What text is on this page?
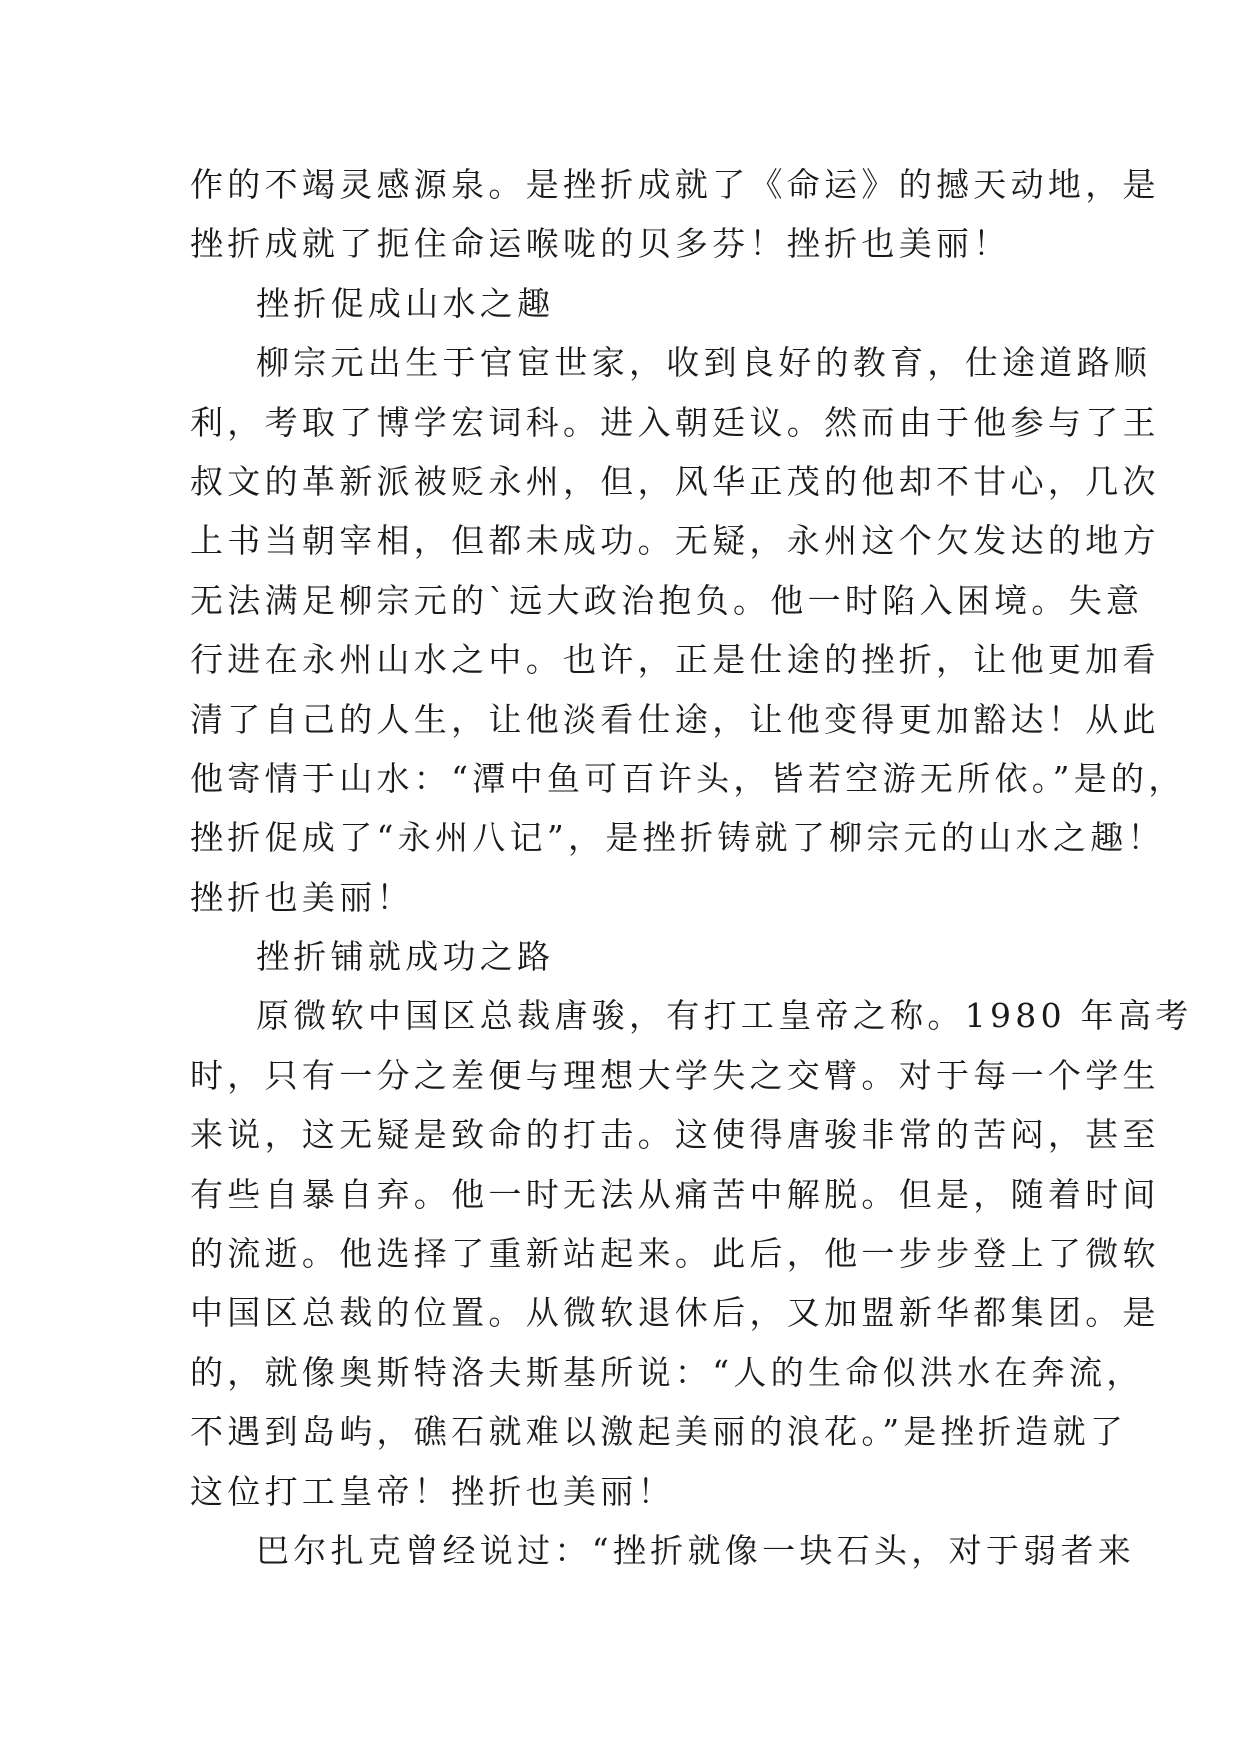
作的不竭灵感源泉。是挫折成就了《命运》的撼天动地，是
挫折成就了扼住命运喉咙的贝多芬！挫折也美丽！
挫折促成山水之趣
柳宗元出生于官宦世家，收到良好的教育，仕途道路顺
利，考取了博学宏词科。进入朝廷议。然而由于他参与了王
叔文的革新派被贬永州，但，风华正茂的他却不甘心，几次
上书当朝宰相，但都未成功。无疑，永州这个欠发达的地方
无法满足柳宗元的`远大政治抱负。他一时陷入困境。失意
行进在永州山水之中。也许，正是仕途的挫折，让他更加看
清了自己的人生，让他淡看仕途，让他变得更加豁达！从此
他寄情于山水：“潭中鱼可百许头，皆若空游无所依。”是的，
挫折促成了“永州八记”，是挫折铸就了柳宗元的山水之趣！
挫折也美丽！
挫折铺就成功之路
原微软中国区总裁唐骏，有打工皇帝之称。1980 年高考
时，只有一分之差便与理想大学失之交臂。对于每一个学生
来说，这无疑是致命的打击。这使得唐骏非常的苦闷，甚至
有些自暴自弃。他一时无法从痛苦中解脱。但是，随着时间
的流逝。他选择了重新站起来。此后，他一步步登上了微软
中国区总裁的位置。从微软退休后，又加盟新华都集团。是
的，就像奥斯特洛夫斯基所说：“人的生命似洪水在奔流，
不遇到岛屿，礁石就难以激起美丽的浪花。”是挫折造就了
这位打工皇帝！挫折也美丽！
巴尔扎克曾经说过：“挫折就像一块石头，对于弱者来
